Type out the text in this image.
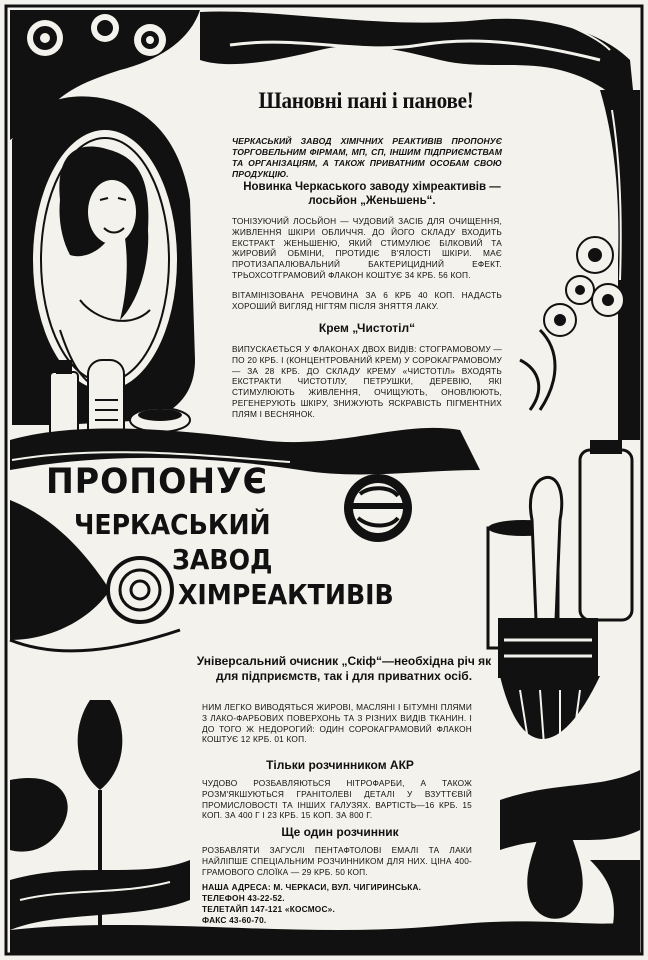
Шановні пані і панове!
ЧЕРКАСЬКИЙ ЗАВОД ХІМІЧНИХ РЕАКТИВІВ ПРОПОНУЄ ТОРГОВЕЛЬНИМ ФІРМАМ, МП, СП, ІНШИМ ПІДПРИЄМСТВАМ ТА ОРГАНІЗАЦІЯМ, А ТАКОЖ ПРИВАТНИМ ОСОБАМ СВОЮ ПРОДУКЦІЮ.
Новинка Черкаського заводу хімреактивів —лосьйон „Женьшень“.
ТОНІЗУЮЧИЙ ЛОСЬЙОН — ЧУДОВИЙ ЗАСІБ ДЛЯ ОЧИЩЕННЯ, ЖИВЛЕННЯ ШКІРИ ОБЛИЧЧЯ. ДО ЙОГО СКЛАДУ ВХОДИТЬ ЕКСТРАКТ ЖЕНЬШЕНЮ, ЯКИЙ СТИМУЛЮЄ БІЛКОВИЙ ТА ЖИРОВИЙ ОБМІНИ, ПРОТИДІЄ В'ЯЛОСТІ ШКІРИ. МАЄ ПРОТИЗАПАЛЮВАЛЬНИЙ БАКТЕРИЦИДНИЙ ЕФЕКТ. ТРЬОХСОТГРАМОВИЙ ФЛАКОН КОШТУЄ 34 КРБ. 56 КОП.
ВІТАМІНІЗОВАНА РЕЧОВИНА ЗА 6 КРБ 40 КОП. НАДАСТЬ ХОРОШИЙ ВИГЛЯД НІГТЯМ ПІСЛЯ ЗНЯТТЯ ЛАКУ.
Крем „Чистотіл“
ВИПУСКАЄТЬСЯ У ФЛАКОНАХ ДВОХ ВИДІВ: СТОГРАМОВОМУ — ПО 20 КРБ. І (КОНЦЕНТРОВАНИЙ КРЕМ) У СОРОКАГРАМОВОМУ — ЗА 28 КРБ. ДО СКЛАДУ КРЕМУ «ЧИСТОТІЛ» ВХОДЯТЬ ЕКСТРАКТИ ЧИСТОТІЛУ, ПЕТРУШКИ, ДЕРЕВІЮ, ЯКІ СТИМУЛЮЮТЬ ЖИВЛЕННЯ, ОЧИЩУЮТЬ, ОНОВЛЮЮТЬ, РЕГЕНЕРУЮТЬ ШКІРУ, ЗНИЖУЮТЬ ЯСКРАВІСТЬ ПІГМЕНТНИХ ПЛЯМ І ВЕСНЯНОК.
ПРОПОНУЄ
ЧЕРКАСЬКИЙ
ЗАВОД
ХІМРЕАКТИВІВ
Універсальний очисник „Скіф“—необхідна річ як для підприємств, так і для приватних осіб.
НИМ ЛЕГКО ВИВОДЯТЬСЯ ЖИРОВІ, МАСЛЯНІ І БІТУМНІ ПЛЯМИ З ЛАКО-ФАРБОВИХ ПОВЕРХОНЬ ТА З РІЗНИХ ВИДІВ ТКАНИН. І ДО ТОГО Ж НЕДОРОГИЙ: ОДИН СОРОКАГРАМОВИЙ ФЛАКОН КОШТУЄ 12 КРБ. 01 КОП.
Тільки розчинником АКР
ЧУДОВО РОЗБАВЛЯЮТЬСЯ НІТРОФАРБИ, А ТАКОЖ РОЗМ'ЯКШУЮТЬСЯ ГРАНІТОЛЕВІ ДЕТАЛІ У ВЗУТТЄВІЙ ПРОМИСЛОВОСТІ ТА ІНШИХ ГАЛУЗЯХ. ВАРТІСТЬ—16 КРБ. 15 КОП. ЗА 400 Г І 23 КРБ. 15 КОП. ЗА 800 Г.
Ще один розчинник
РОЗБАВЛЯТИ ЗАГУСЛІ ПЕНТАФТОЛОВІ ЕМАЛІ ТА ЛАКИ НАЙЛІПШЕ СПЕЦІАЛЬНИМ РОЗЧИННИКОМ ДЛЯ НИХ. ЦІНА 400-ГРАМОВОГО СЛОЇКА — 29 КРБ. 50 КОП.
НАША АДРЕСА: М. ЧЕРКАСИ, ВУЛ. ЧИГИРИНСЬКА.
ТЕЛЕФОН 43-22-52.
ТЕЛЕТАЙП 147-121 «КОСМОС».
ФАКС 43-60-70.
